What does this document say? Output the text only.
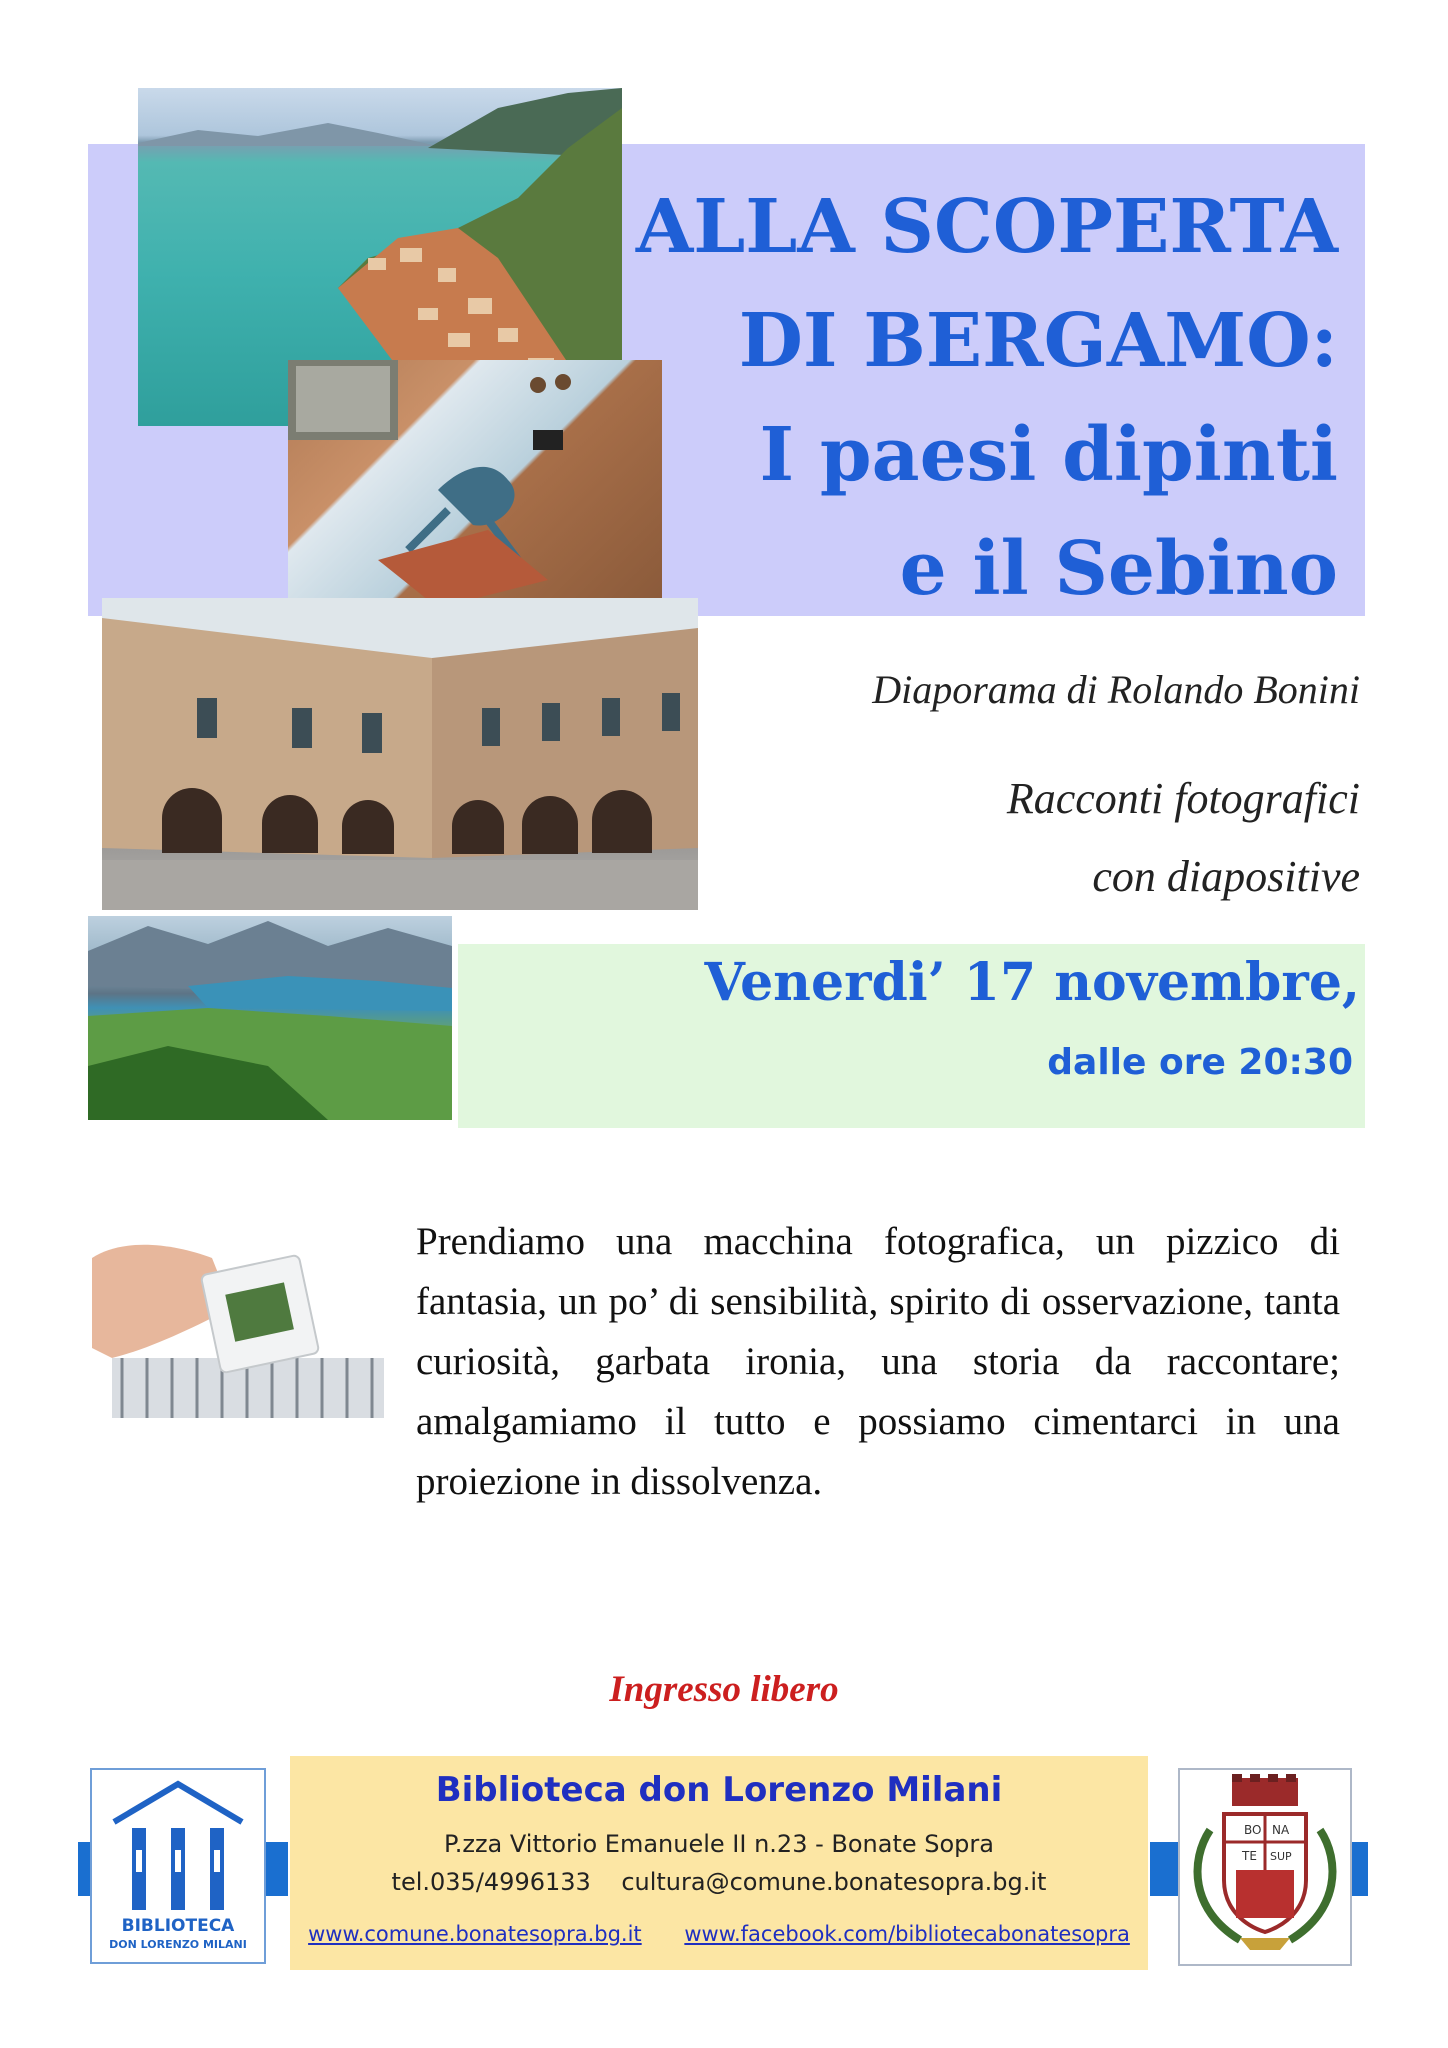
ALLA SCOPERTA
DI BERGAMO:
I paesi dipinti
e il Sebino
Diaporama di Rolando Bonini
Racconti fotografici
con diapositive
Venerdi’ 17 novembre,
dalle ore 20:30
Prendiamo una macchina fotografica, un pizzico di fantasia, un po’ di sensibilità, spirito di osservazione, tanta curiosità, garbata ironia, una storia da raccontare; amalgamiamo il tutto e possiamo cimentarci in una proiezione in dissolvenza.
Ingresso libero
BIBLIOTECA
DON LORENZO MILANI
Biblioteca don Lorenzo Milani
P.zza Vittorio Emanuele II n.23 - Bonate Sopra
tel.035/4996133 cultura@comune.bonatesopra.bg.it
www.comune.bonatesopra.bg.it www.facebook.com/bibliotecabonatesopra
BO NA
TE SUP
